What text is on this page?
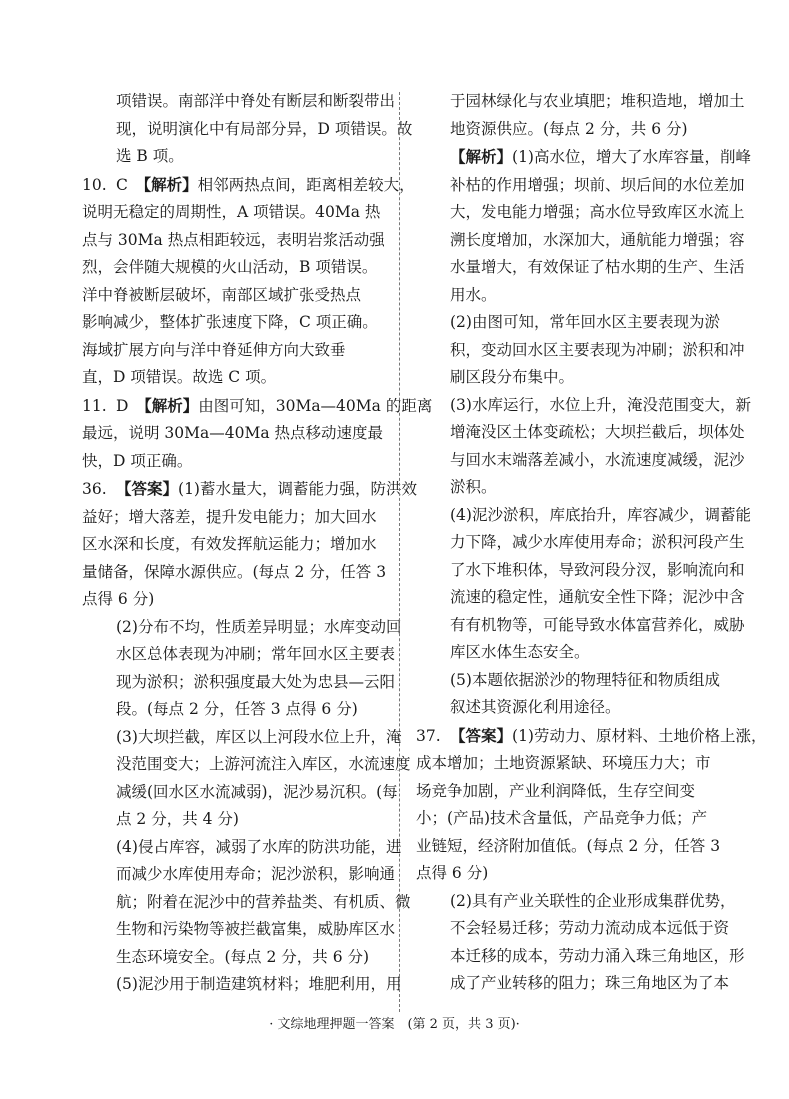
项错误。南部洋中脊处有断层和断裂带出
现，说明演化中有局部分异，D 项错误。故
选 B 项。
10. C　 【解析】相邻两热点间，距离相差较大，
说明无稳定的周期性，A 项错误。40Ma 热
点与 30Ma 热点相距较远，表明岩浆活动强
烈，会伴随大规模的火山活动，B 项错误。
洋中脊被断层破坏，南部区域扩张受热点
影响减少，整体扩张速度下降，C 项正确。
海域扩展方向与洋中脊延伸方向大致垂
直，D 项错误。故选 C 项。
11. D　 【解析】由图可知，30Ma—40Ma 的距离
最远，说明 30Ma—40Ma 热点移动速度最
快，D 项正确。
36. 【答案】(1)蓄水量大，调蓄能力强，防洪效
益好；增大落差，提升发电能力；加大回水
区水深和长度，有效发挥航运能力；增加水
量储备，保障水源供应。(每点 2 分，任答 3
点得 6 分)
(2)分布不均，性质差异明显；水库变动回
水区总体表现为冲刷；常年回水区主要表
现为淤积；淤积强度最大处为忠县—云阳
段。(每点 2 分，任答 3 点得 6 分)
(3)大坝拦截，库区以上河段水位上升，淹
没范围变大；上游河流注入库区，水流速度
减缓(回水区水流减弱)，泥沙易沉积。(每
点 2 分，共 4 分)
(4)侵占库容，减弱了水库的防洪功能，进
而减少水库使用寿命；泥沙淤积，影响通
航；附着在泥沙中的营养盐类、有机质、微
生物和污染物等被拦截富集，威胁库区水
生态环境安全。(每点 2 分，共 6 分)
(5)泥沙用于制造建筑材料；堆肥利用，用
于园林绿化与农业填肥；堆积造地，增加土
地资源供应。(每点 2 分，共 6 分)
【解析】(1)高水位，增大了水库容量，削峰
补枯的作用增强；坝前、坝后间的水位差加
大，发电能力增强；高水位导致库区水流上
溯长度增加，水深加大，通航能力增强；容
水量增大，有效保证了枯水期的生产、生活
用水。
(2)由图可知，常年回水区主要表现为淤
积，变动回水区主要表现为冲刷；淤积和冲
刷区段分布集中。
(3)水库运行，水位上升，淹没范围变大，新
增淹没区土体变疏松；大坝拦截后，坝体处
与回水末端落差减小，水流速度减缓，泥沙
淤积。
(4)泥沙淤积，库底抬升，库容减少，调蓄能
力下降，减少水库使用寿命；淤积河段产生
了水下堆积体，导致河段分汊，影响流向和
流速的稳定性，通航安全性下降；泥沙中含
有有机物等，可能导致水体富营养化，威胁
库区水体生态安全。
(5)本题依据淤沙的物理特征和物质组成
叙述其资源化利用途径。
37. 【答案】(1)劳动力、原材料、土地价格上涨，
成本增加；土地资源紧缺、环境压力大；市
场竞争加剧，产业利润降低，生存空间变
小；(产品)技术含量低，产品竞争力低；产
业链短，经济附加值低。(每点 2 分，任答 3
点得 6 分)
(2)具有产业关联性的企业形成集群优势，
不会轻易迁移；劳动力流动成本远低于资
本迁移的成本，劳动力涌入珠三角地区，形
成了产业转移的阻力；珠三角地区为了本
· 文综地理押题一答案　(第 2 页，共 3 页)·
